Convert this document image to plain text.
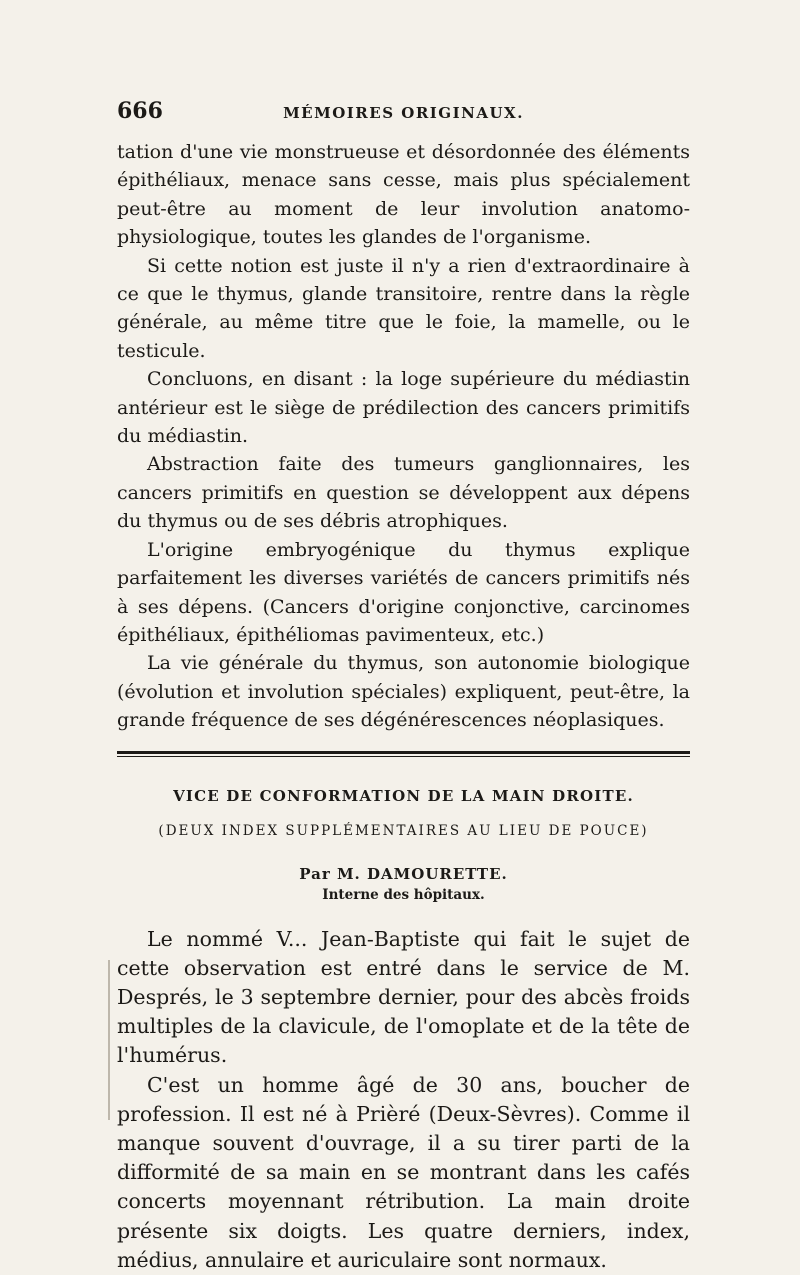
666	MÉMOIRES ORIGINAUX.

tation d'une vie monstrueuse et désordonnée des éléments épithéliaux, menace sans cesse, mais plus spécialement peut-être au moment de leur involution anatomo-physiologique, toutes les glandes de l'organisme.

Si cette notion est juste il n'y a rien d'extraordinaire à ce que le thymus, glande transitoire, rentre dans la règle générale, au même titre que le foie, la mamelle, ou le testicule.

Concluons, en disant : la loge supérieure du médiastin antérieur est le siège de prédilection des cancers primitifs du médiastin.

Abstraction faite des tumeurs ganglionnaires, les cancers primitifs en question se développent aux dépens du thymus ou de ses débris atrophiques.

L'origine embryogénique du thymus explique parfaitement les diverses variétés de cancers primitifs nés à ses dépens. (Cancers d'origine conjonctive, carcinomes épithéliaux, épithéliomas pavimenteux, etc.)

La vie générale du thymus, son autonomie biologique (évolution et involution spéciales) expliquent, peut-être, la grande fréquence de ses dégénérescences néoplasiques.

VICE DE CONFORMATION DE LA MAIN DROITE.
(DEUX INDEX SUPPLÉMENTAIRES AU LIEU DE POUCE)
Par M. DAMOURETTE.
Interne des hôpitaux.

Le nommé V... Jean-Baptiste qui fait le sujet de cette observation est entré dans le service de M. Després, le 3 septembre dernier, pour des abcès froids multiples de la clavicule, de l'omoplate et de la tête de l'humérus.

C'est un homme âgé de 30 ans, boucher de profession. Il est né à Prièré (Deux-Sèvres). Comme il manque souvent d'ouvrage, il a su tirer parti de la difformité de sa main en se montrant dans les cafés concerts moyennant rétribution. La main droite présente six doigts. Les quatre derniers, index, médius, annulaire et auriculaire sont normaux.
